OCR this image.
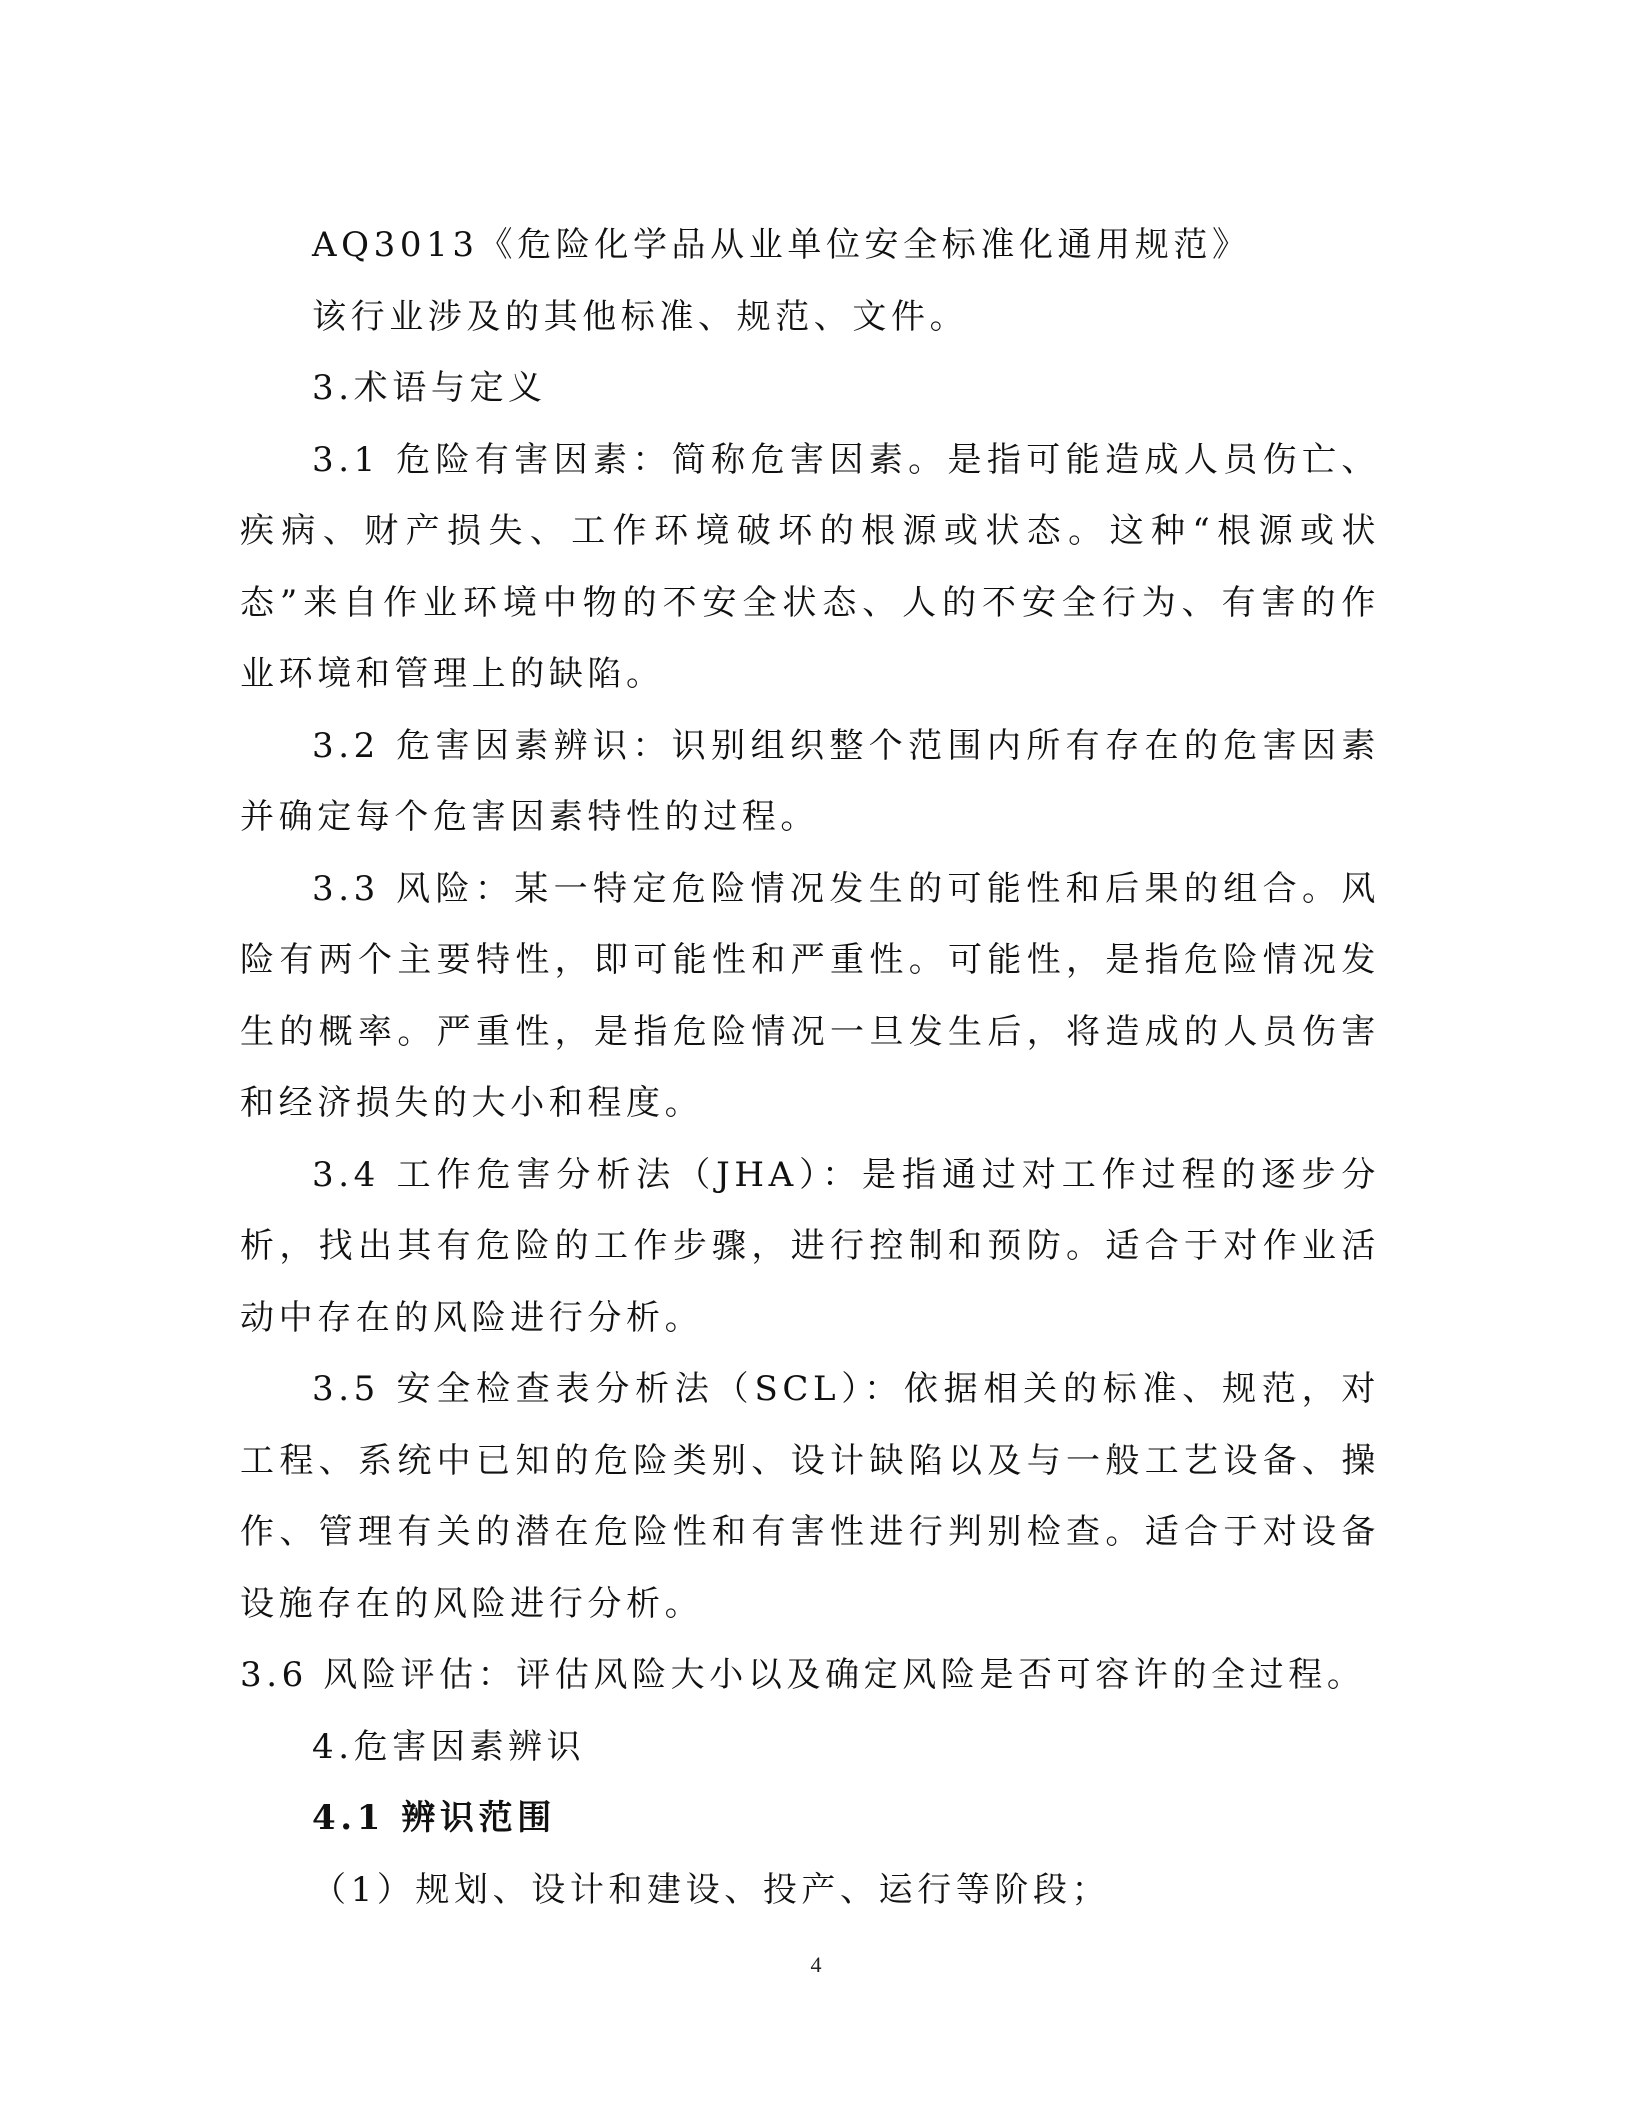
AQ3013《危险化学品从业单位安全标准化通用规范》

该行业涉及的其他标准、规范、文件。

3.术语与定义

3.1 危险有害因素：简称危害因素。是指可能造成人员伤亡、疾病、财产损失、工作环境破坏的根源或状态。这种“根源或状态”来自作业环境中物的不安全状态、人的不安全行为、有害的作业环境和管理上的缺陷。

3.2 危害因素辨识：识别组织整个范围内所有存在的危害因素并确定每个危害因素特性的过程。

3.3 风险：某一特定危险情况发生的可能性和后果的组合。风险有两个主要特性，即可能性和严重性。可能性，是指危险情况发生的概率。严重性，是指危险情况一旦发生后，将造成的人员伤害和经济损失的大小和程度。

3.4 工作危害分析法（JHA）：是指通过对工作过程的逐步分析，找出其有危险的工作步骤，进行控制和预防。适合于对作业活动中存在的风险进行分析。

3.5 安全检查表分析法（SCL）：依据相关的标准、规范，对工程、系统中已知的危险类别、设计缺陷以及与一般工艺设备、操作、管理有关的潜在危险性和有害性进行判别检查。适合于对设备设施存在的风险进行分析。

3.6 风险评估：评估风险大小以及确定风险是否可容许的全过程。

4.危害因素辨识

4.1 辨识范围

（1）规划、设计和建设、投产、运行等阶段；

4
